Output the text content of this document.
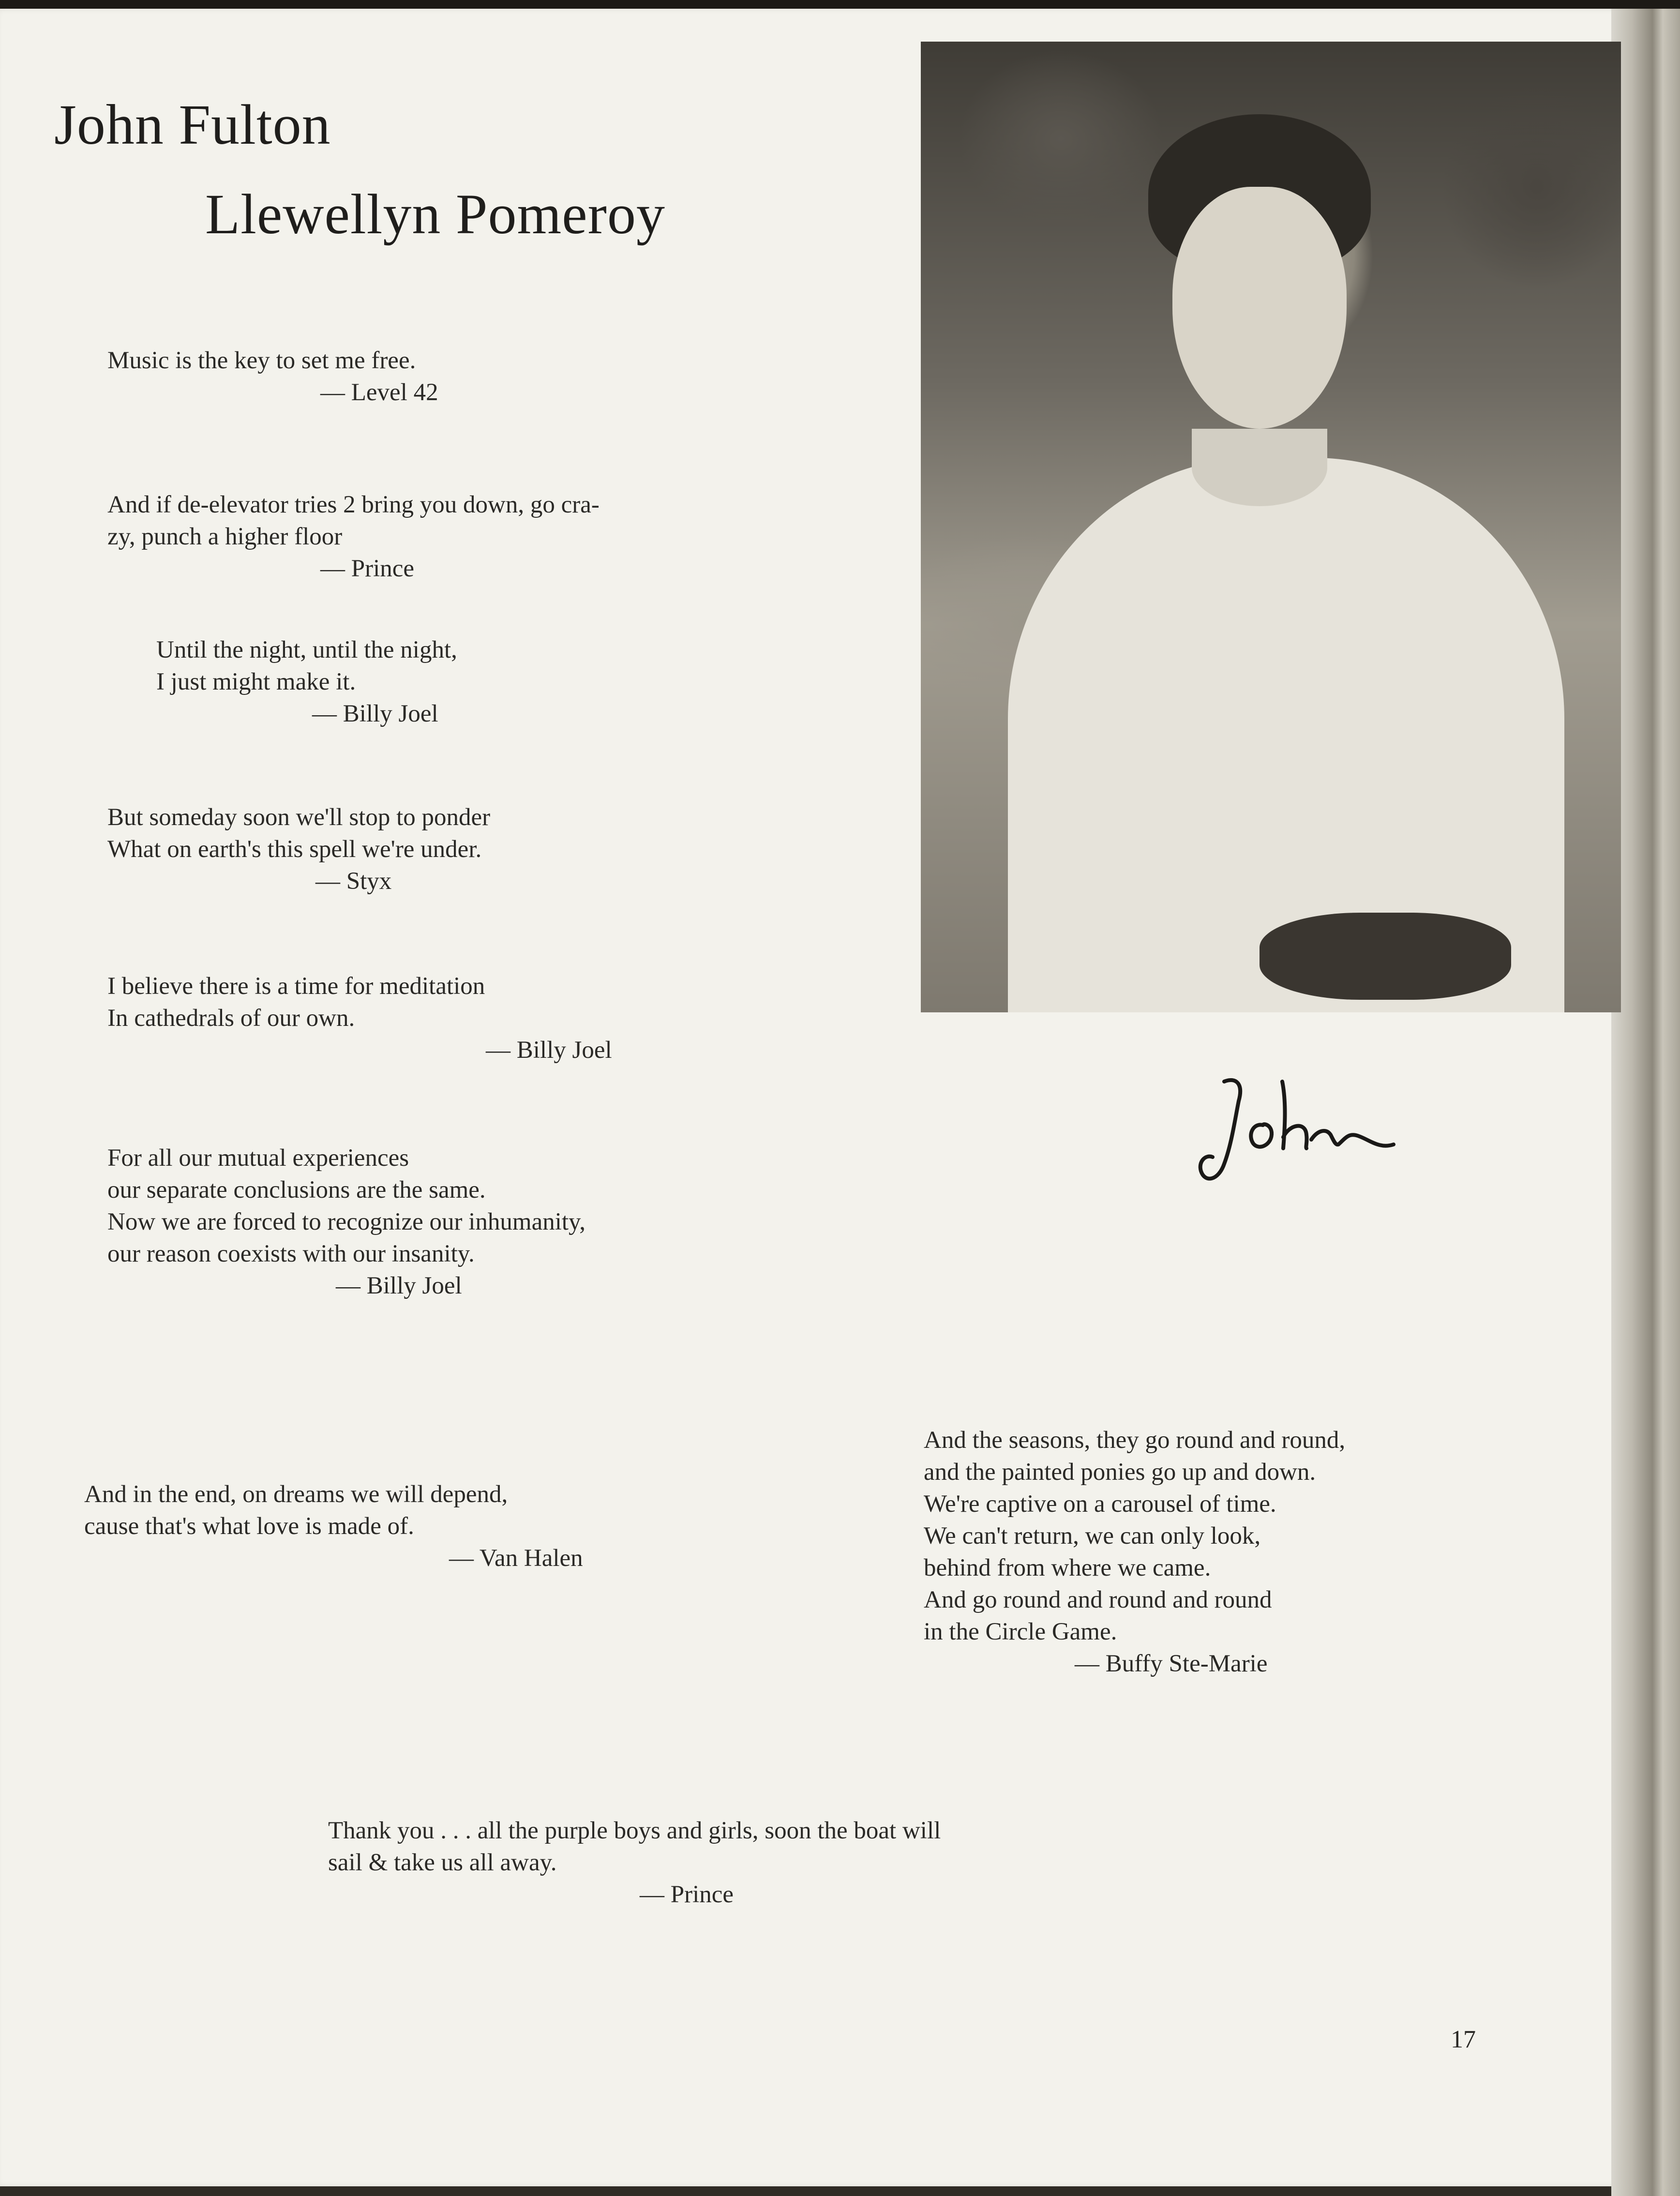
John Fulton
Llewellyn Pomeroy
Music is the key to set me free.
— Level 42
And if de-elevator tries 2 bring you down, go cra-
zy, punch a higher floor
— Prince
Until the night, until the night,
I just might make it.
— Billy Joel
But someday soon we'll stop to ponder
What on earth's this spell we're under.
— Styx
I believe there is a time for meditation
In cathedrals of our own.
— Billy Joel
For all our mutual experiences
our separate conclusions are the same.
Now we are forced to recognize our inhumanity,
our reason coexists with our insanity.
— Billy Joel
And in the end, on dreams we will depend,
cause that's what love is made of.
— Van Halen
And the seasons, they go round and round,
and the painted ponies go up and down.
We're captive on a carousel of time.
We can't return, we can only look,
behind from where we came.
And go round and round and round
in the Circle Game.
— Buffy Ste-Marie
Thank you . . . all the purple boys and girls, soon the boat will
sail & take us all away.
— Prince
17
